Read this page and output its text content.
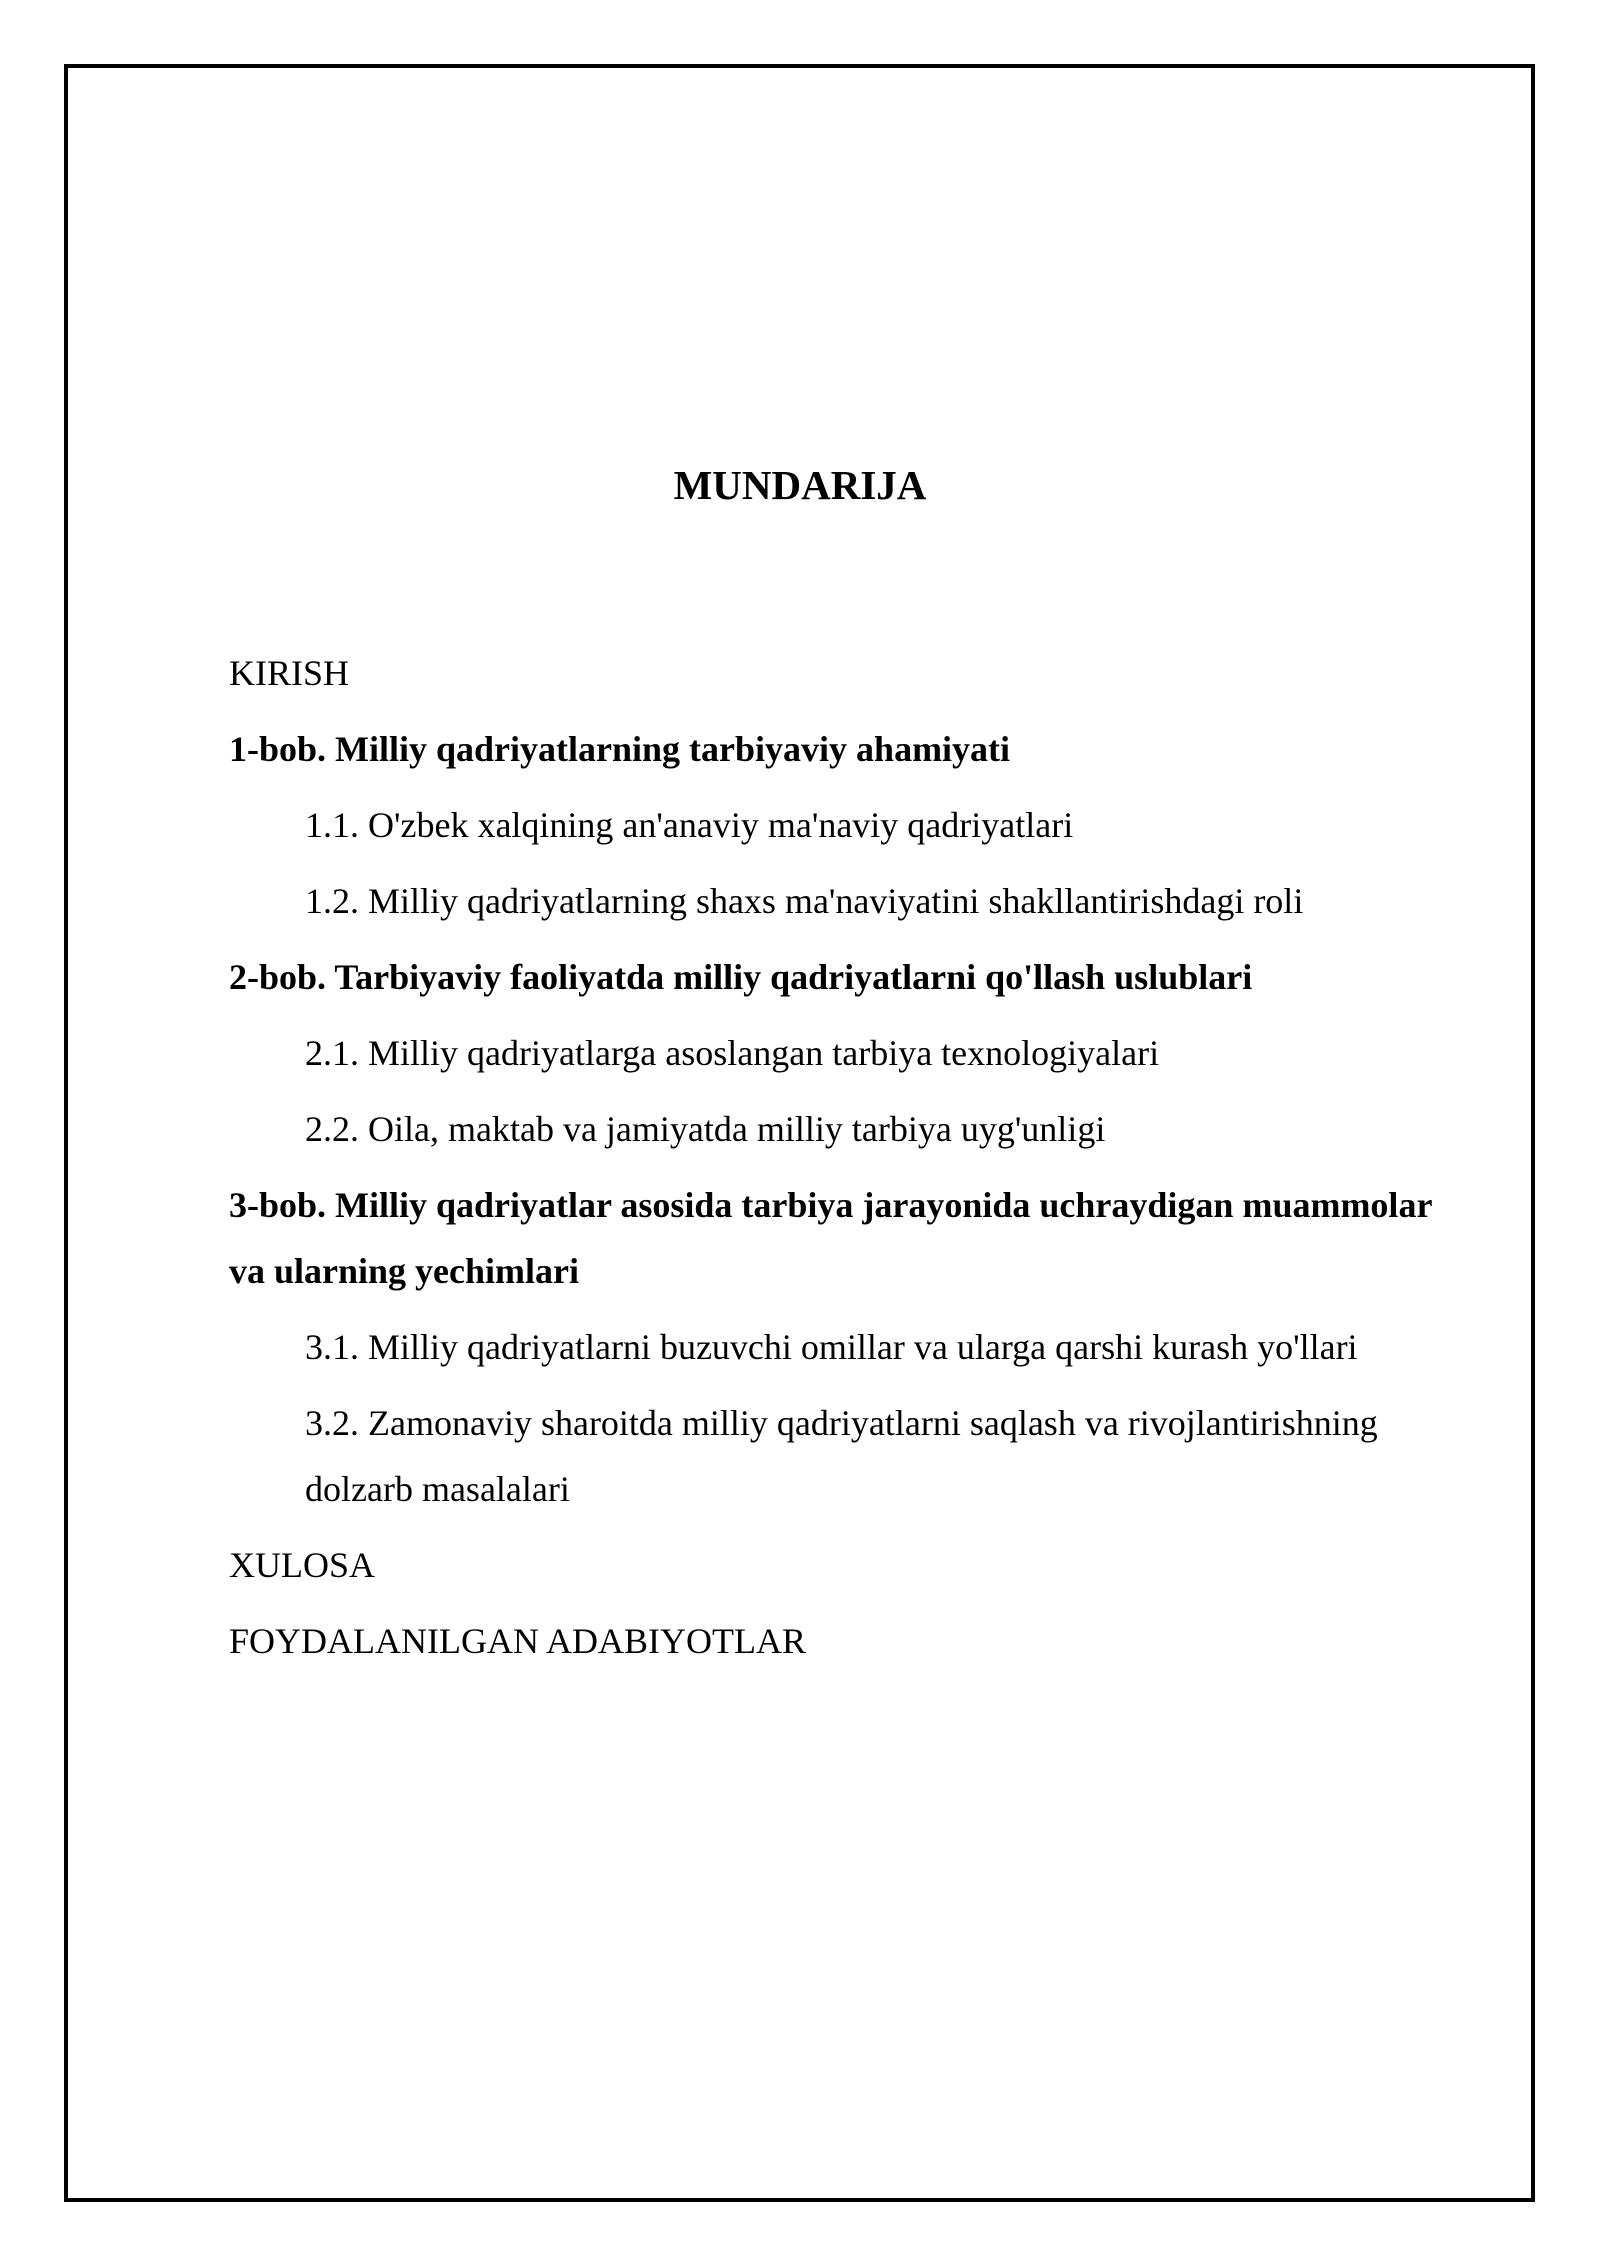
MUNDARIJA
KIRISH
1-bob. Milliy qadriyatlarning tarbiyaviy ahamiyati
1.1. O'zbek xalqining an'anaviy ma'naviy qadriyatlari
1.2. Milliy qadriyatlarning shaxs ma'naviyatini shakllantirishdagi roli
2-bob. Tarbiyaviy faoliyatda milliy qadriyatlarni qo'llash uslublari
2.1. Milliy qadriyatlarga asoslangan tarbiya texnologiyalari
2.2. Oila, maktab va jamiyatda milliy tarbiya uyg'unligi
3-bob. Milliy qadriyatlar asosida tarbiya jarayonida uchraydigan muammolar va ularning yechimlari
3.1. Milliy qadriyatlarni buzuvchi omillar va ularga qarshi kurash yo'llari
3.2. Zamonaviy sharoitda milliy qadriyatlarni saqlash va rivojlantirishning dolzarb masalalari
XULOSA
FOYDALANILGAN ADABIYOTLAR
